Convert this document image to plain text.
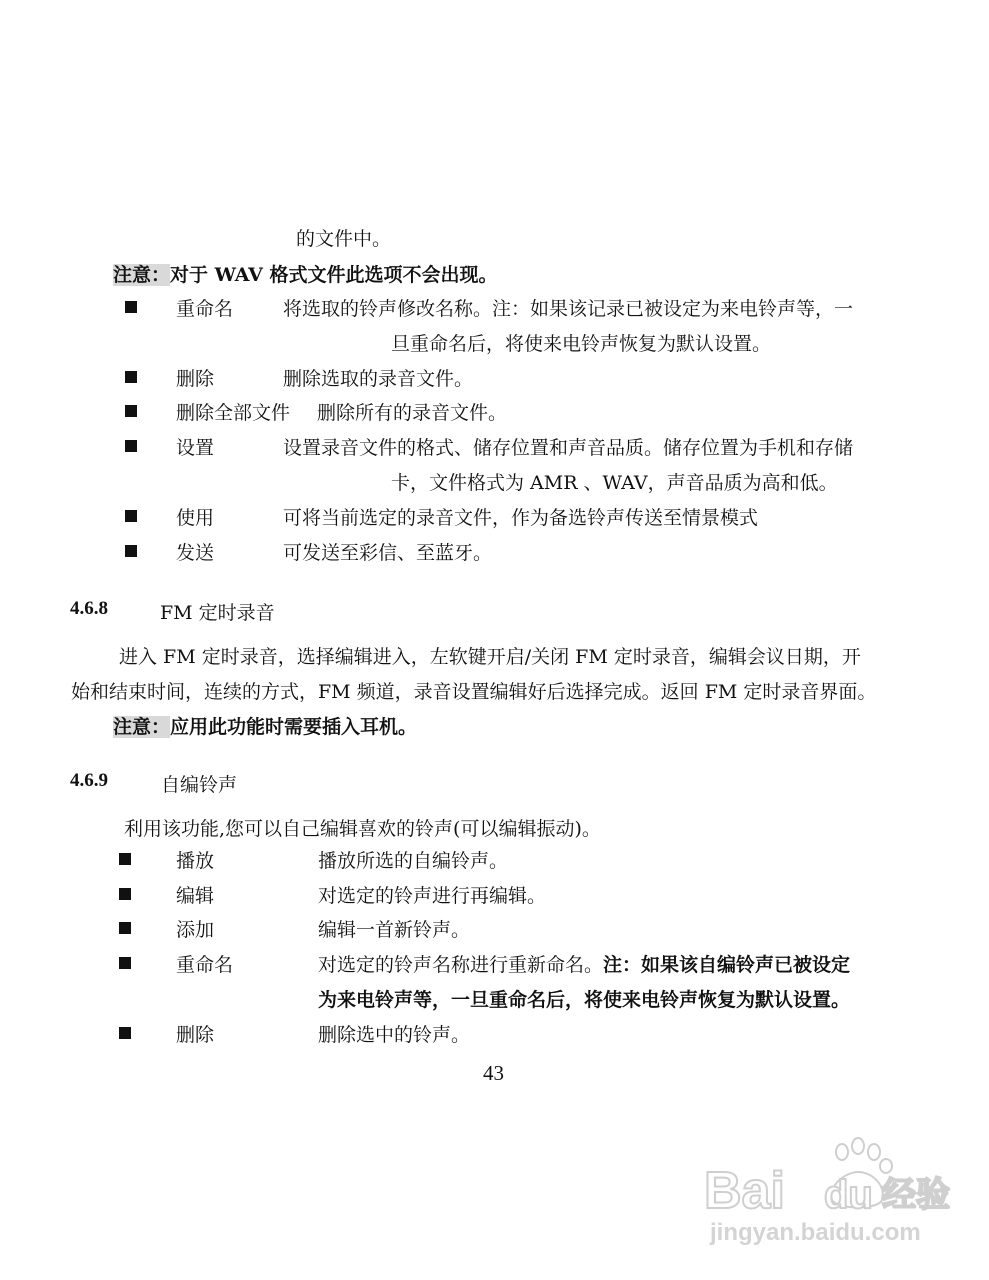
的文件中。
注意：对于 WAV 格式文件此选项不会出现。
重命名	将选取的铃声修改名称。注：如果该记录已被设定为来电铃声等，一
旦重命名后，将使来电铃声恢复为默认设置。
删除	删除选取的录音文件。
删除全部文件 删除所有的录音文件。
设置	设置录音文件的格式、储存位置和声音品质。储存位置为手机和存储
卡，文件格式为 AMR 、WAV，声音品质为高和低。
使用	可将当前选定的录音文件，作为备选铃声传送至情景模式
发送	可发送至彩信、至蓝牙。
4.6.8	FM 定时录音
进入 FM 定时录音，选择编辑进入，左软键开启/关闭 FM 定时录音，编辑会议日期，开
始和结束时间，连续的方式，FM 频道，录音设置编辑好后选择完成。返回 FM 定时录音界面。
注意：应用此功能时需要插入耳机。
4.6.9	自编铃声
利用该功能,您可以自己编辑喜欢的铃声(可以编辑振动)。
播放	播放所选的自编铃声。
编辑	对选定的铃声进行再编辑。
添加	编辑一首新铃声。
重命名	对选定的铃声名称进行重新命名。注：如果该自编铃声已被设定
为来电铃声等，一旦重命名后，将使来电铃声恢复为默认设置。
删除	删除选中的铃声。
43
Bai du 经验
jingyan.baidu.com
